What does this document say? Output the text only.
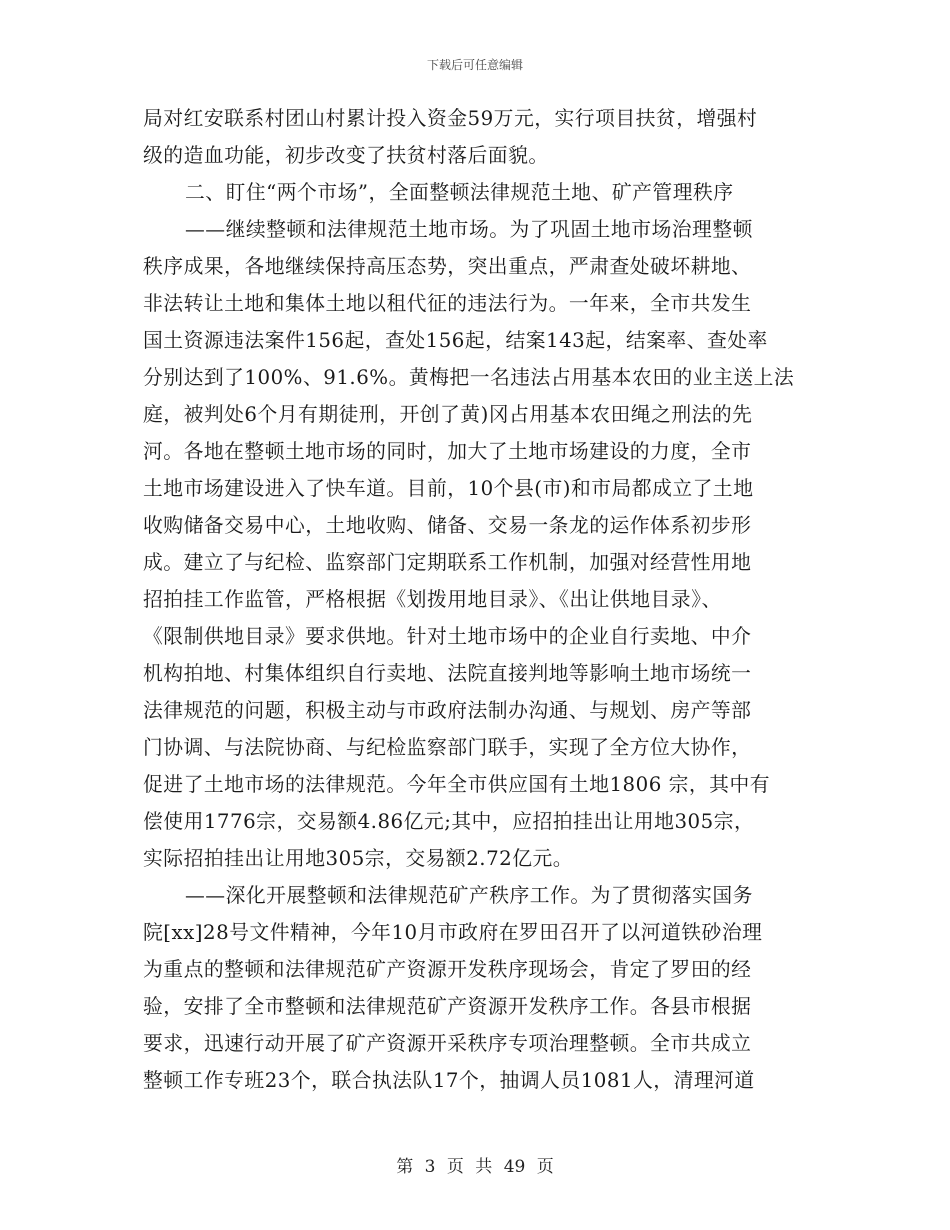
下载后可任意编辑
局对红安联系村团山村累计投入资金59万元，实行项目扶贫，增强村
级的造血功能，初步改变了扶贫村落后面貌。
二、盯住“两个市场”，全面整顿法律规范土地、矿产管理秩序
——继续整顿和法律规范土地市场。为了巩固土地市场治理整顿
秩序成果，各地继续保持高压态势，突出重点，严肃查处破坏耕地、
非法转让土地和集体土地以租代征的违法行为。一年来，全市共发生
国土资源违法案件156起，查处156起，结案143起，结案率、查处率
分别达到了100%、91.6%。黄梅把一名违法占用基本农田的业主送上法
庭，被判处6个月有期徒刑，开创了黄)冈占用基本农田绳之刑法的先
河。各地在整顿土地市场的同时，加大了土地市场建设的力度，全市
土地市场建设进入了快车道。目前，10个县(市)和市局都成立了土地
收购储备交易中心，土地收购、储备、交易一条龙的运作体系初步形
成。建立了与纪检、监察部门定期联系工作机制，加强对经营性用地
招拍挂工作监管，严格根据《划拨用地目录》、《出让供地目录》、
《限制供地目录》要求供地。针对土地市场中的企业自行卖地、中介
机构拍地、村集体组织自行卖地、法院直接判地等影响土地市场统一
法律规范的问题，积极主动与市政府法制办沟通、与规划、房产等部
门协调、与法院协商、与纪检监察部门联手，实现了全方位大协作，
促进了土地市场的法律规范。今年全市供应国有土地1806 宗，其中有
偿使用1776宗，交易额4.86亿元;其中，应招拍挂出让用地305宗，
实际招拍挂出让用地305宗，交易额2.72亿元。
——深化开展整顿和法律规范矿产秩序工作。为了贯彻落实国务
院[xx]28号文件精神，今年10月市政府在罗田召开了以河道铁砂治理
为重点的整顿和法律规范矿产资源开发秩序现场会，肯定了罗田的经
验，安排了全市整顿和法律规范矿产资源开发秩序工作。各县市根据
要求，迅速行动开展了矿产资源开采秩序专项治理整顿。全市共成立
整顿工作专班23个，联合执法队17个，抽调人员1081人，清理河道
第 3 页 共 49 页
